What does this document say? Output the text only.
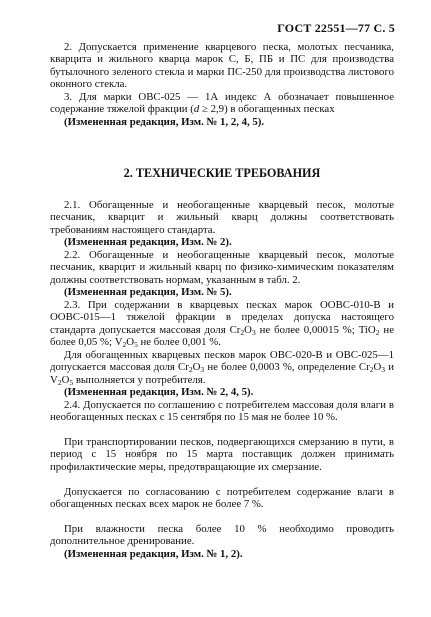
ГОСТ 22551—77 С. 5
2. Допускается применение кварцевого песка, молотых песчаника, кварцита и жильного кварца марок С, Б, ПБ и ПС для производства бутылочного зеленого стекла и марки ПС-250 для производства листового оконного стекла.
3. Для марки ОВС-025 — 1А индекс А обозначает повышенное содержание тяжелой фракции (d ≥ 2,9) в обогащенных песках
(Измененная редакция, Изм. № 1, 2, 4, 5).
2. ТЕХНИЧЕСКИЕ ТРЕБОВАНИЯ
2.1. Обогащенные и необогащенные кварцевый песок, молотые песчаник, кварцит и жильный кварц должны соответствовать требованиям настоящего стандарта.
(Измененная редакция, Изм. № 2).
2.2. Обогащенные и необогащенные кварцевый песок, молотые песчаник, кварцит и жильный кварц по физико-химическим показателям должны соответствовать нормам, указанным в табл. 2.
(Измененная редакция, Изм. № 5).
2.3. При содержании в кварцевых песках марок ООВС-010-В и ООВС-015—1 тяжелой фракции в пределах допуска настоящего стандарта допускается массовая доля $Cr_2O_3$ не более 0,00015 %; TiO$_2$ не более 0,05 %; $V_2O_5$ не более 0,001 %.
Для обогащенных кварцевых песков марок ОВС-020-В и ОВС-025—1 допускается массовая доля $Cr_2O_3$ не более 0,0003 %, определение $Cr_2O_3$ и $V_2O_5$ выполняется у потребителя.
(Измененная редакция, Изм. № 2, 4, 5).
2.4. Допускается по соглашению с потребителем массовая доля влаги в необогащенных песках с 15 сентября по 15 мая не более 10 %.
При транспортировании песков, подвергающихся смерзанию в пути, в период с 15 ноября по 15 марта поставщик должен принимать профилактические меры, предотвращающие их смерзание.
Допускается по согласованию с потребителем содержание влаги в обогащенных песках всех марок не более 7 %.
При влажности песка более 10 % необходимо проводить дополнительное дренирование.
(Измененная редакция, Изм. № 1, 2).
